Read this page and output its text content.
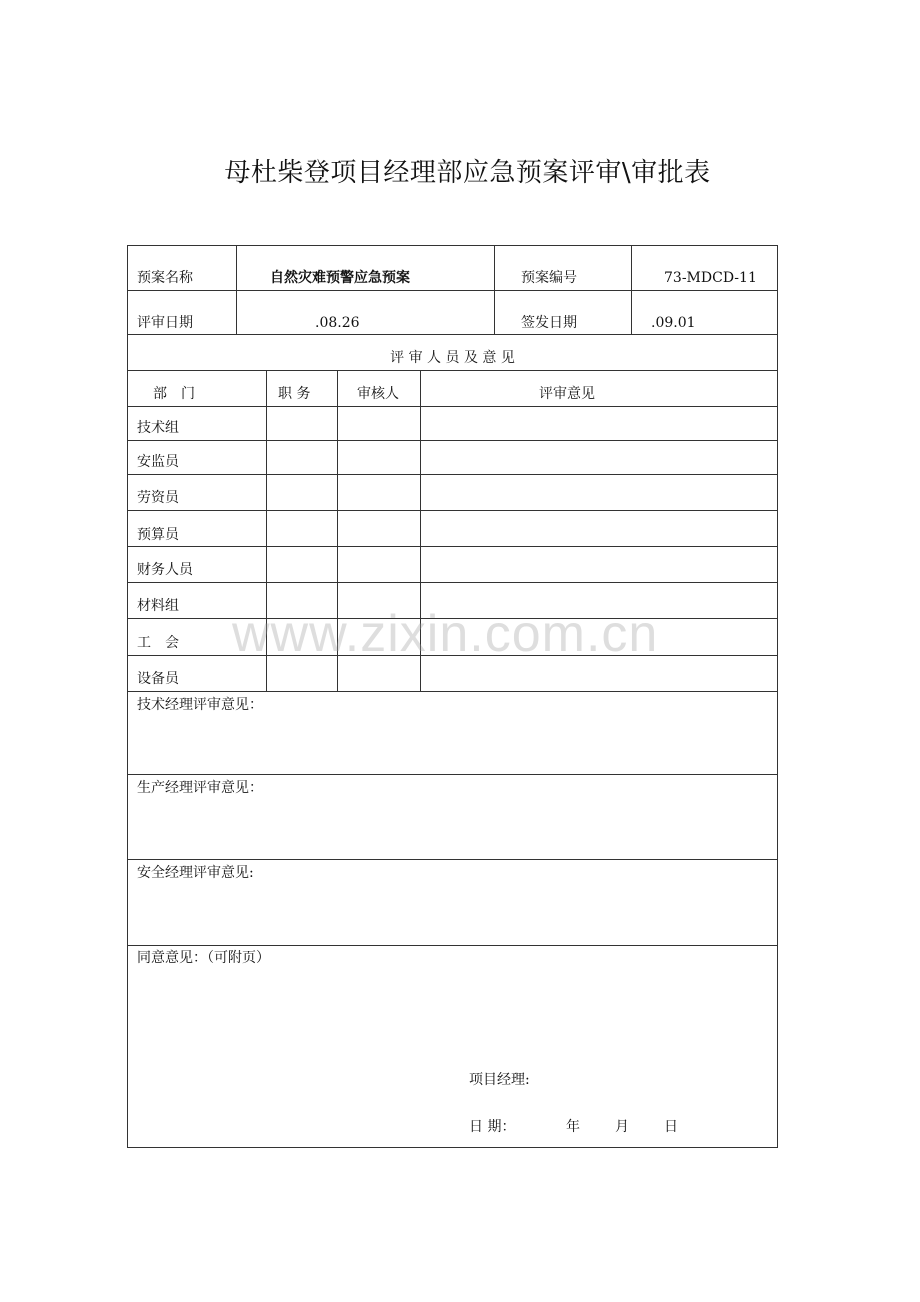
母杜柴登项目经理部应急预案评审\审批表
预案名称	自然灾难预警应急预案	预案编号	73-MDCD-11
评审日期	.08.26	签发日期	.09.01
评 审 人 员 及 意 见
部　门	职 务	审核人	评审意见
技术组
安监员
劳资员
预算员
财务人员
材料组
工　会
设备员
技术经理评审意见：
生产经理评审意见：
安全经理评审意见:
同意意见：（可附页）
项目经理:
日 期：	年	月	日
www.zixin.com.cn
